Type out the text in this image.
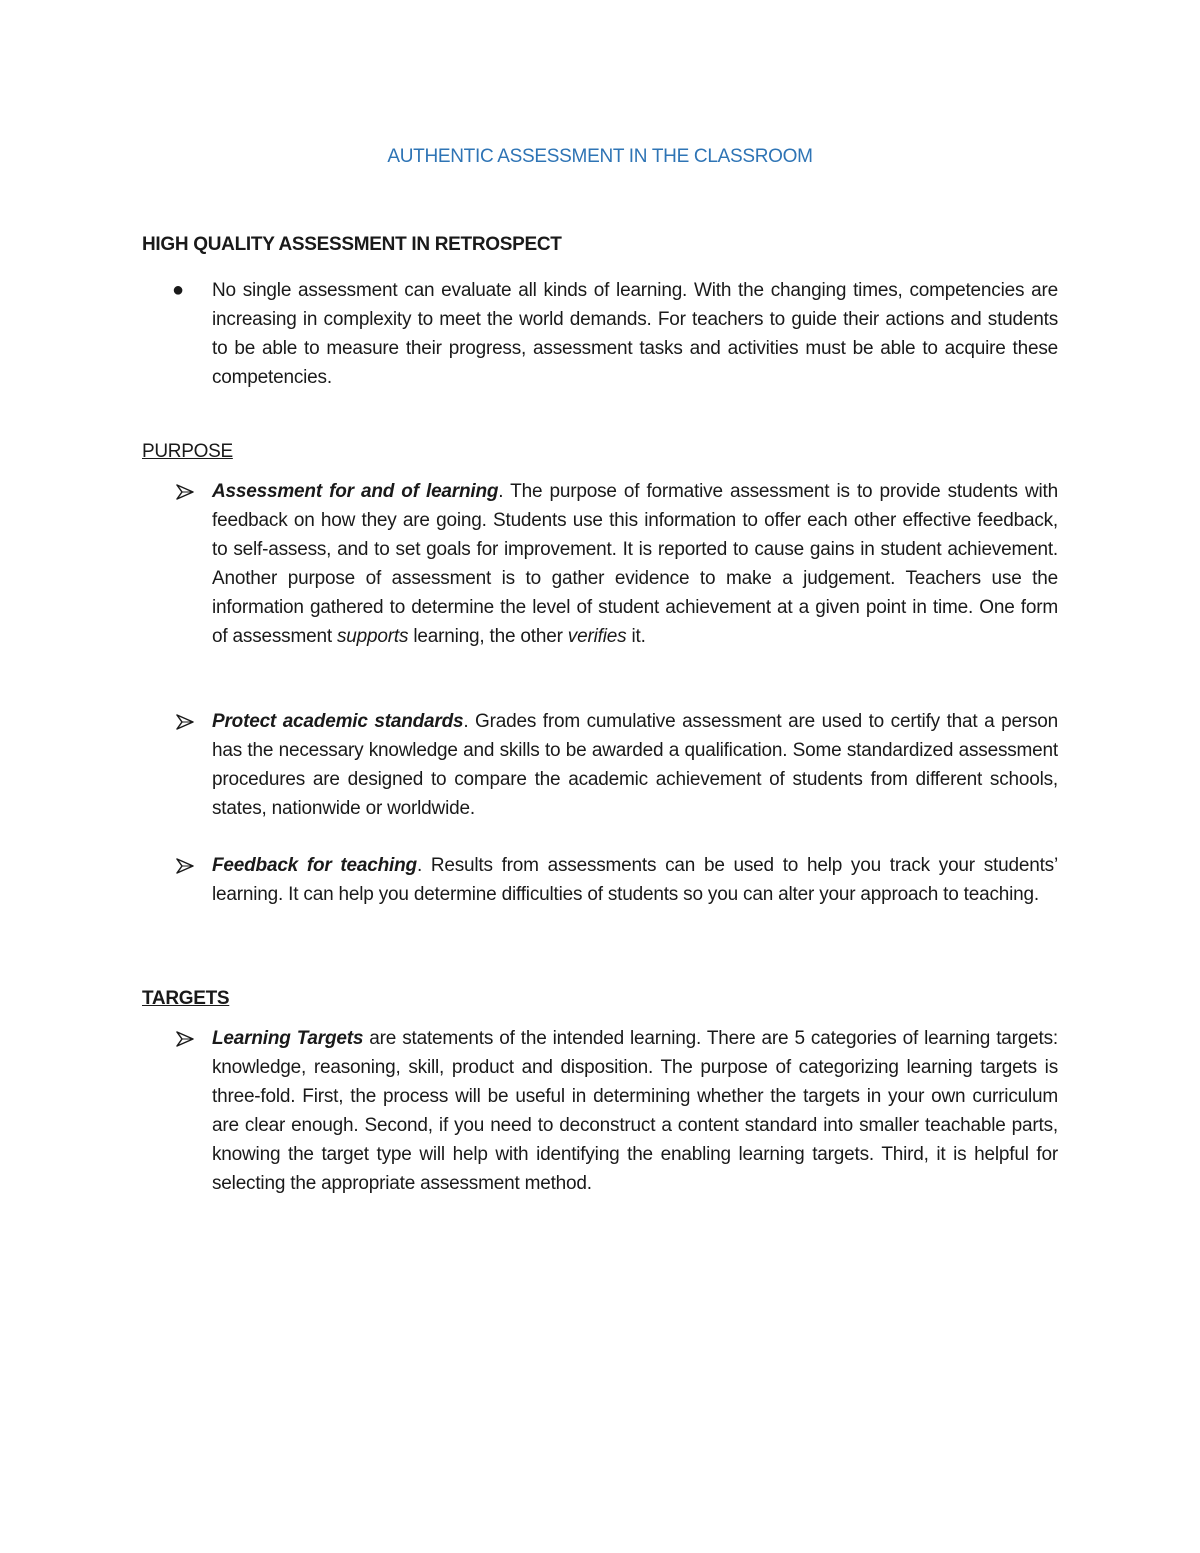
AUTHENTIC ASSESSMENT IN THE CLASSROOM
HIGH QUALITY ASSESSMENT IN RETROSPECT
● No single assessment can evaluate all kinds of learning. With the changing times, competencies are increasing in complexity to meet the world demands. For teachers to guide their actions and students to be able to measure their progress, assessment tasks and activities must be able to acquire these competencies.
PURPOSE
Assessment for and of learning. The purpose of formative assessment is to provide students with feedback on how they are going. Students use this information to offer each other effective feedback, to self-assess, and to set goals for improvement. It is reported to cause gains in student achievement. Another purpose of assessment is to gather evidence to make a judgement. Teachers use the information gathered to determine the level of student achievement at a given point in time. One form of assessment supports learning, the other verifies it.
Protect academic standards. Grades from cumulative assessment are used to certify that a person has the necessary knowledge and skills to be awarded a qualification. Some standardized assessment procedures are designed to compare the academic achievement of students from different schools, states, nationwide or worldwide.
Feedback for teaching. Results from assessments can be used to help you track your students’ learning. It can help you determine difficulties of students so you can alter your approach to teaching.
TARGETS
Learning Targets are statements of the intended learning. There are 5 categories of learning targets: knowledge, reasoning, skill, product and disposition. The purpose of categorizing learning targets is three-fold. First, the process will be useful in determining whether the targets in your own curriculum are clear enough. Second, if you need to deconstruct a content standard into smaller teachable parts, knowing the target type will help with identifying the enabling learning targets. Third, it is helpful for selecting the appropriate assessment method.
